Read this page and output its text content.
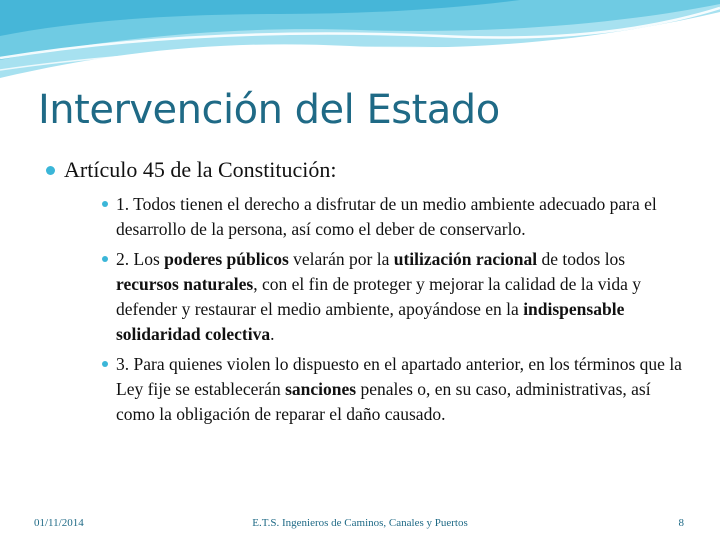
Intervención del Estado
Artículo 45 de la Constitución:
1. Todos tienen el derecho a disfrutar de un medio ambiente adecuado para el desarrollo de la persona, así como el deber de conservarlo.
2. Los poderes públicos velarán por la utilización racional de todos los recursos naturales, con el fin de proteger y mejorar la calidad de la vida y defender y restaurar el medio ambiente, apoyándose en la indispensable solidaridad colectiva.
3. Para quienes violen lo dispuesto en el apartado anterior, en los términos que la Ley fije se establecerán sanciones penales o, en su caso, administrativas, así como la obligación de reparar el daño causado.
01/11/2014	E.T.S. Ingenieros de Caminos, Canales y Puertos	8
